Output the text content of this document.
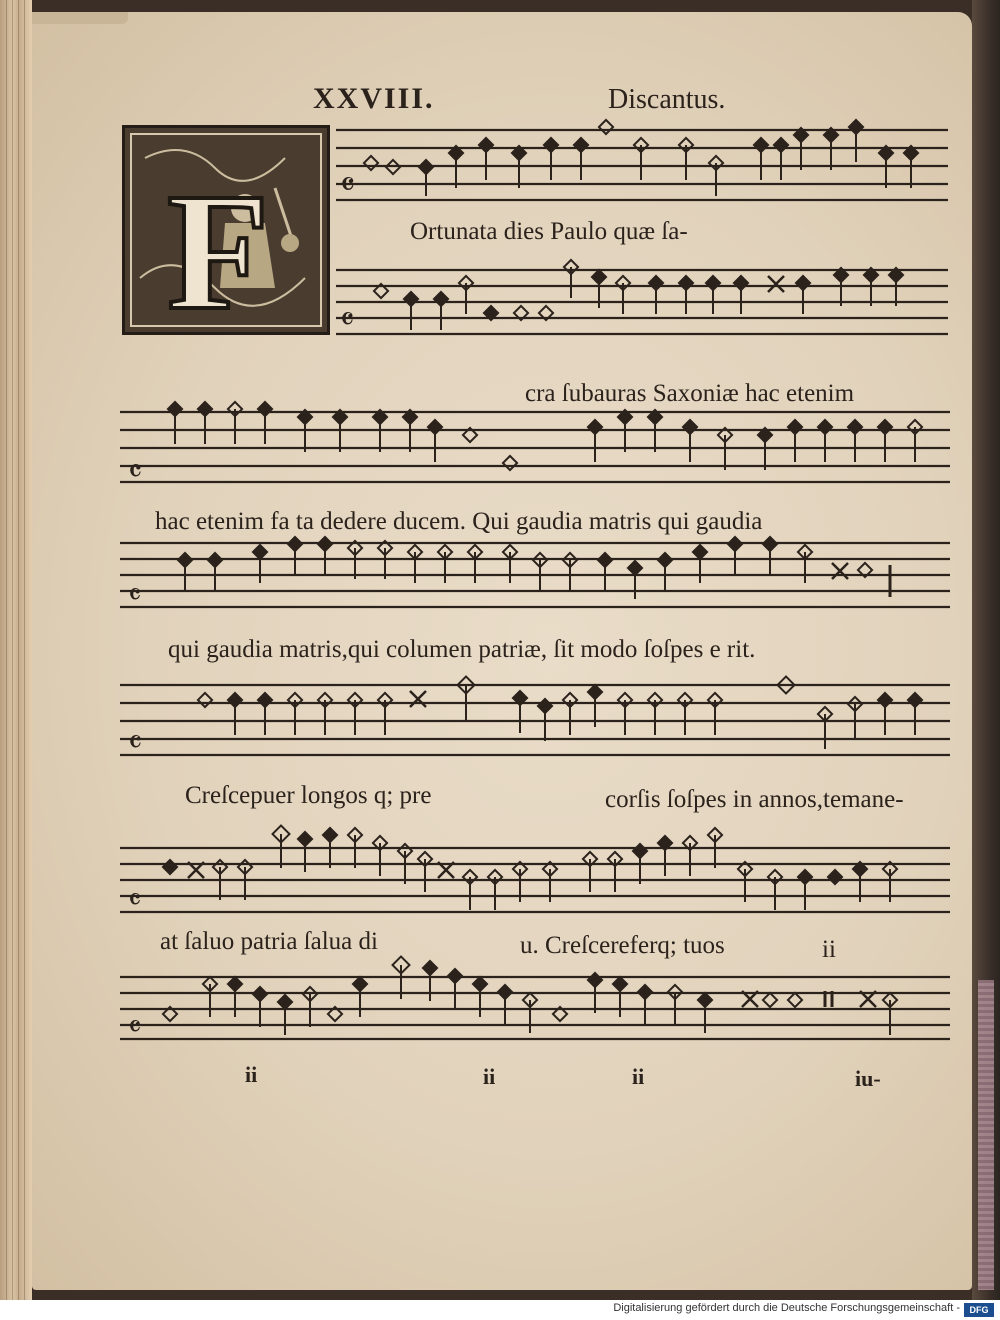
XXVIII.	Discantus.
F 𝄴
Ortunata dies Paulo quæ ſa-
𝄴
cra ſubauras Saxoniæ hac etenim
𝄴
hac etenim fa ta dedere ducem. Qui gaudia matris qui gaudia
𝄴
qui gaudia matris,qui columen patriæ, ſit modo ſoſpes e rit.
𝄴
Creſcepuer longos q; pre	corſis ſoſpes in annos,temane-
𝄴
at ſaluo patria ſalua di	u. Creſcereferq; tuos	ii
𝄴
ii	ii	ii	iu-
Digitalisierung gefördert durch die Deutsche Forschungsgemeinschaft -	DFG
